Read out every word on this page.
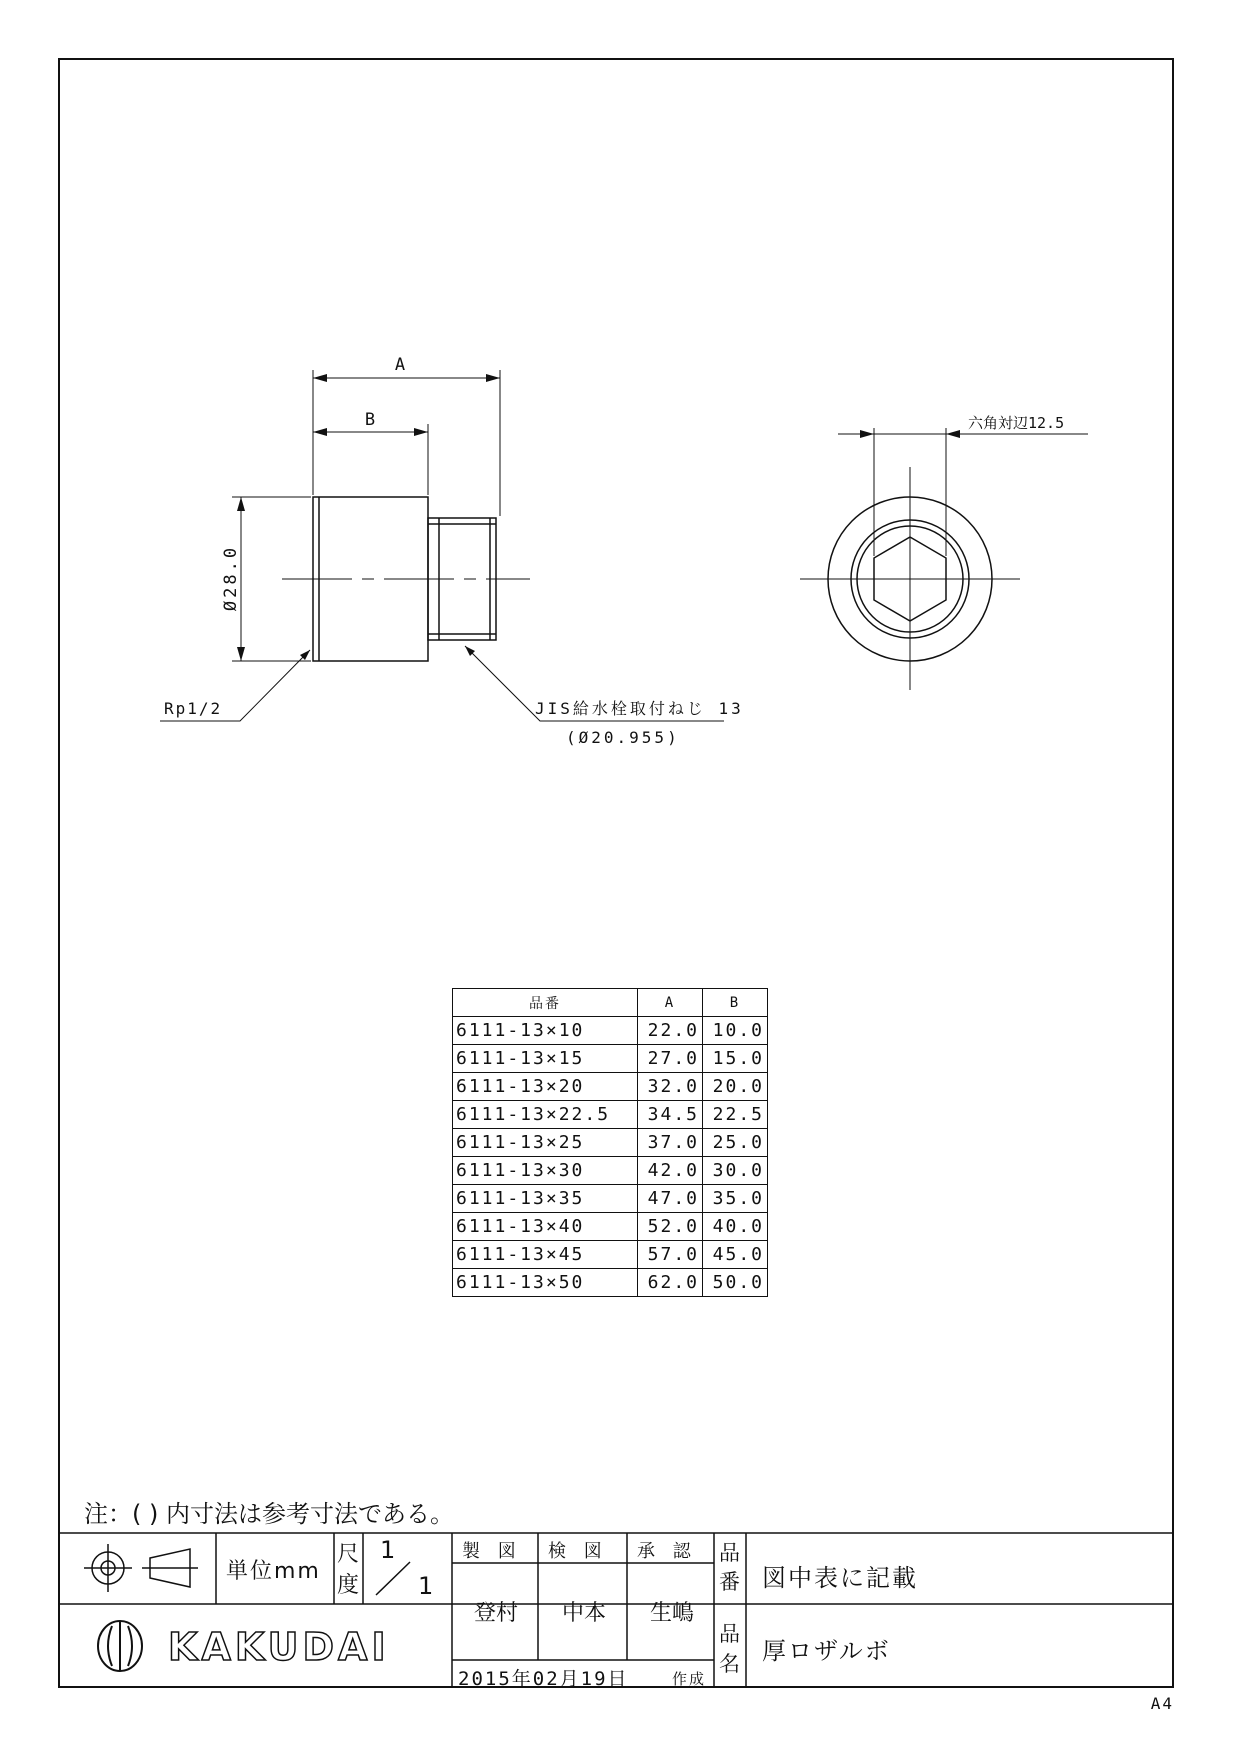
A
B
Ø28.0
六角対辺12.5
Rp1/2	JIS給水栓取付ねじ 13
(Ø20.955)
品番	A	B
6111-13×10	22.0	10.0
6111-13×15	27.0	15.0
6111-13×20	32.0	20.0
6111-13×22.5	34.5	22.5
6111-13×25	37.0	25.0
6111-13×30	42.0	30.0
6111-13×35	47.0	35.0
6111-13×40	52.0	40.0
6111-13×45	57.0	45.0
6111-13×50	62.0	50.0
注：( ) 内寸法は参考寸法である。
KAKUDAI
単位mm
尺
度
1
1
製 図 検 図 承 認
登村 中本 生嶋
品
番 図中表に記載
品
名 厚ロザルボ
2015年02月19日	作成
A4
